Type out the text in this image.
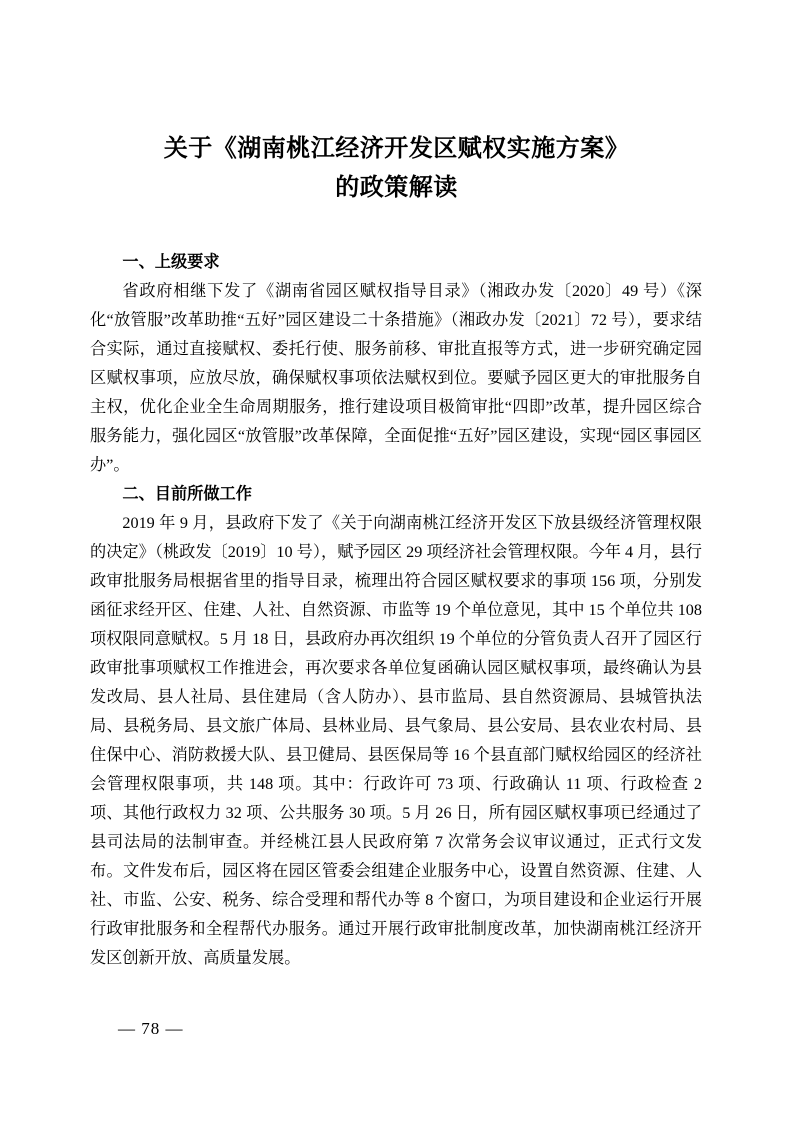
关于《湖南桃江经济开发区赋权实施方案》
的政策解读
一、上级要求

省政府相继下发了《湖南省园区赋权指导目录》（湘政办发〔2020〕49 号）《深化“放管服”改革助推“五好”园区建设二十条措施》（湘政办发〔2021〕72 号），要求结合实际，通过直接赋权、委托行使、服务前移、审批直报等方式，进一步研究确定园区赋权事项，应放尽放，确保赋权事项依法赋权到位。要赋予园区更大的审批服务自主权，优化企业全生命周期服务，推行建设项目极简审批“四即”改革，提升园区综合服务能力，强化园区“放管服”改革保障，全面促推“五好”园区建设，实现“园区事园区办”。

二、目前所做工作

2019 年 9 月，县政府下发了《关于向湖南桃江经济开发区下放县级经济管理权限的决定》（桃政发〔2019〕10 号），赋予园区 29 项经济社会管理权限。今年 4 月，县行政审批服务局根据省里的指导目录，梳理出符合园区赋权要求的事项 156 项，分别发函征求经开区、住建、人社、自然资源、市监等 19 个单位意见，其中 15 个单位共 108 项权限同意赋权。5 月 18 日，县政府办再次组织 19 个单位的分管负责人召开了园区行政审批事项赋权工作推进会，再次要求各单位复函确认园区赋权事项，最终确认为县发改局、县人社局、县住建局（含人防办）、县市监局、县自然资源局、县城管执法局、县税务局、县文旅广体局、县林业局、县气象局、县公安局、县农业农村局、县住保中心、消防救援大队、县卫健局、县医保局等 16 个县直部门赋权给园区的经济社会管理权限事项，共 148 项。其中：行政许可 73 项、行政确认 11 项、行政检查 2 项、其他行政权力 32 项、公共服务 30 项。5 月 26 日，所有园区赋权事项已经通过了县司法局的法制审查。并经桃江县人民政府第 7 次常务会议审议通过，正式行文发布。文件发布后，园区将在园区管委会组建企业服务中心，设置自然资源、住建、人社、市监、公安、税务、综合受理和帮代办等 8 个窗口，为项目建设和企业运行开展行政审批服务和全程帮代办服务。通过开展行政审批制度改革，加快湖南桃江经济开发区创新开放、高质量发展。

— 78 —
